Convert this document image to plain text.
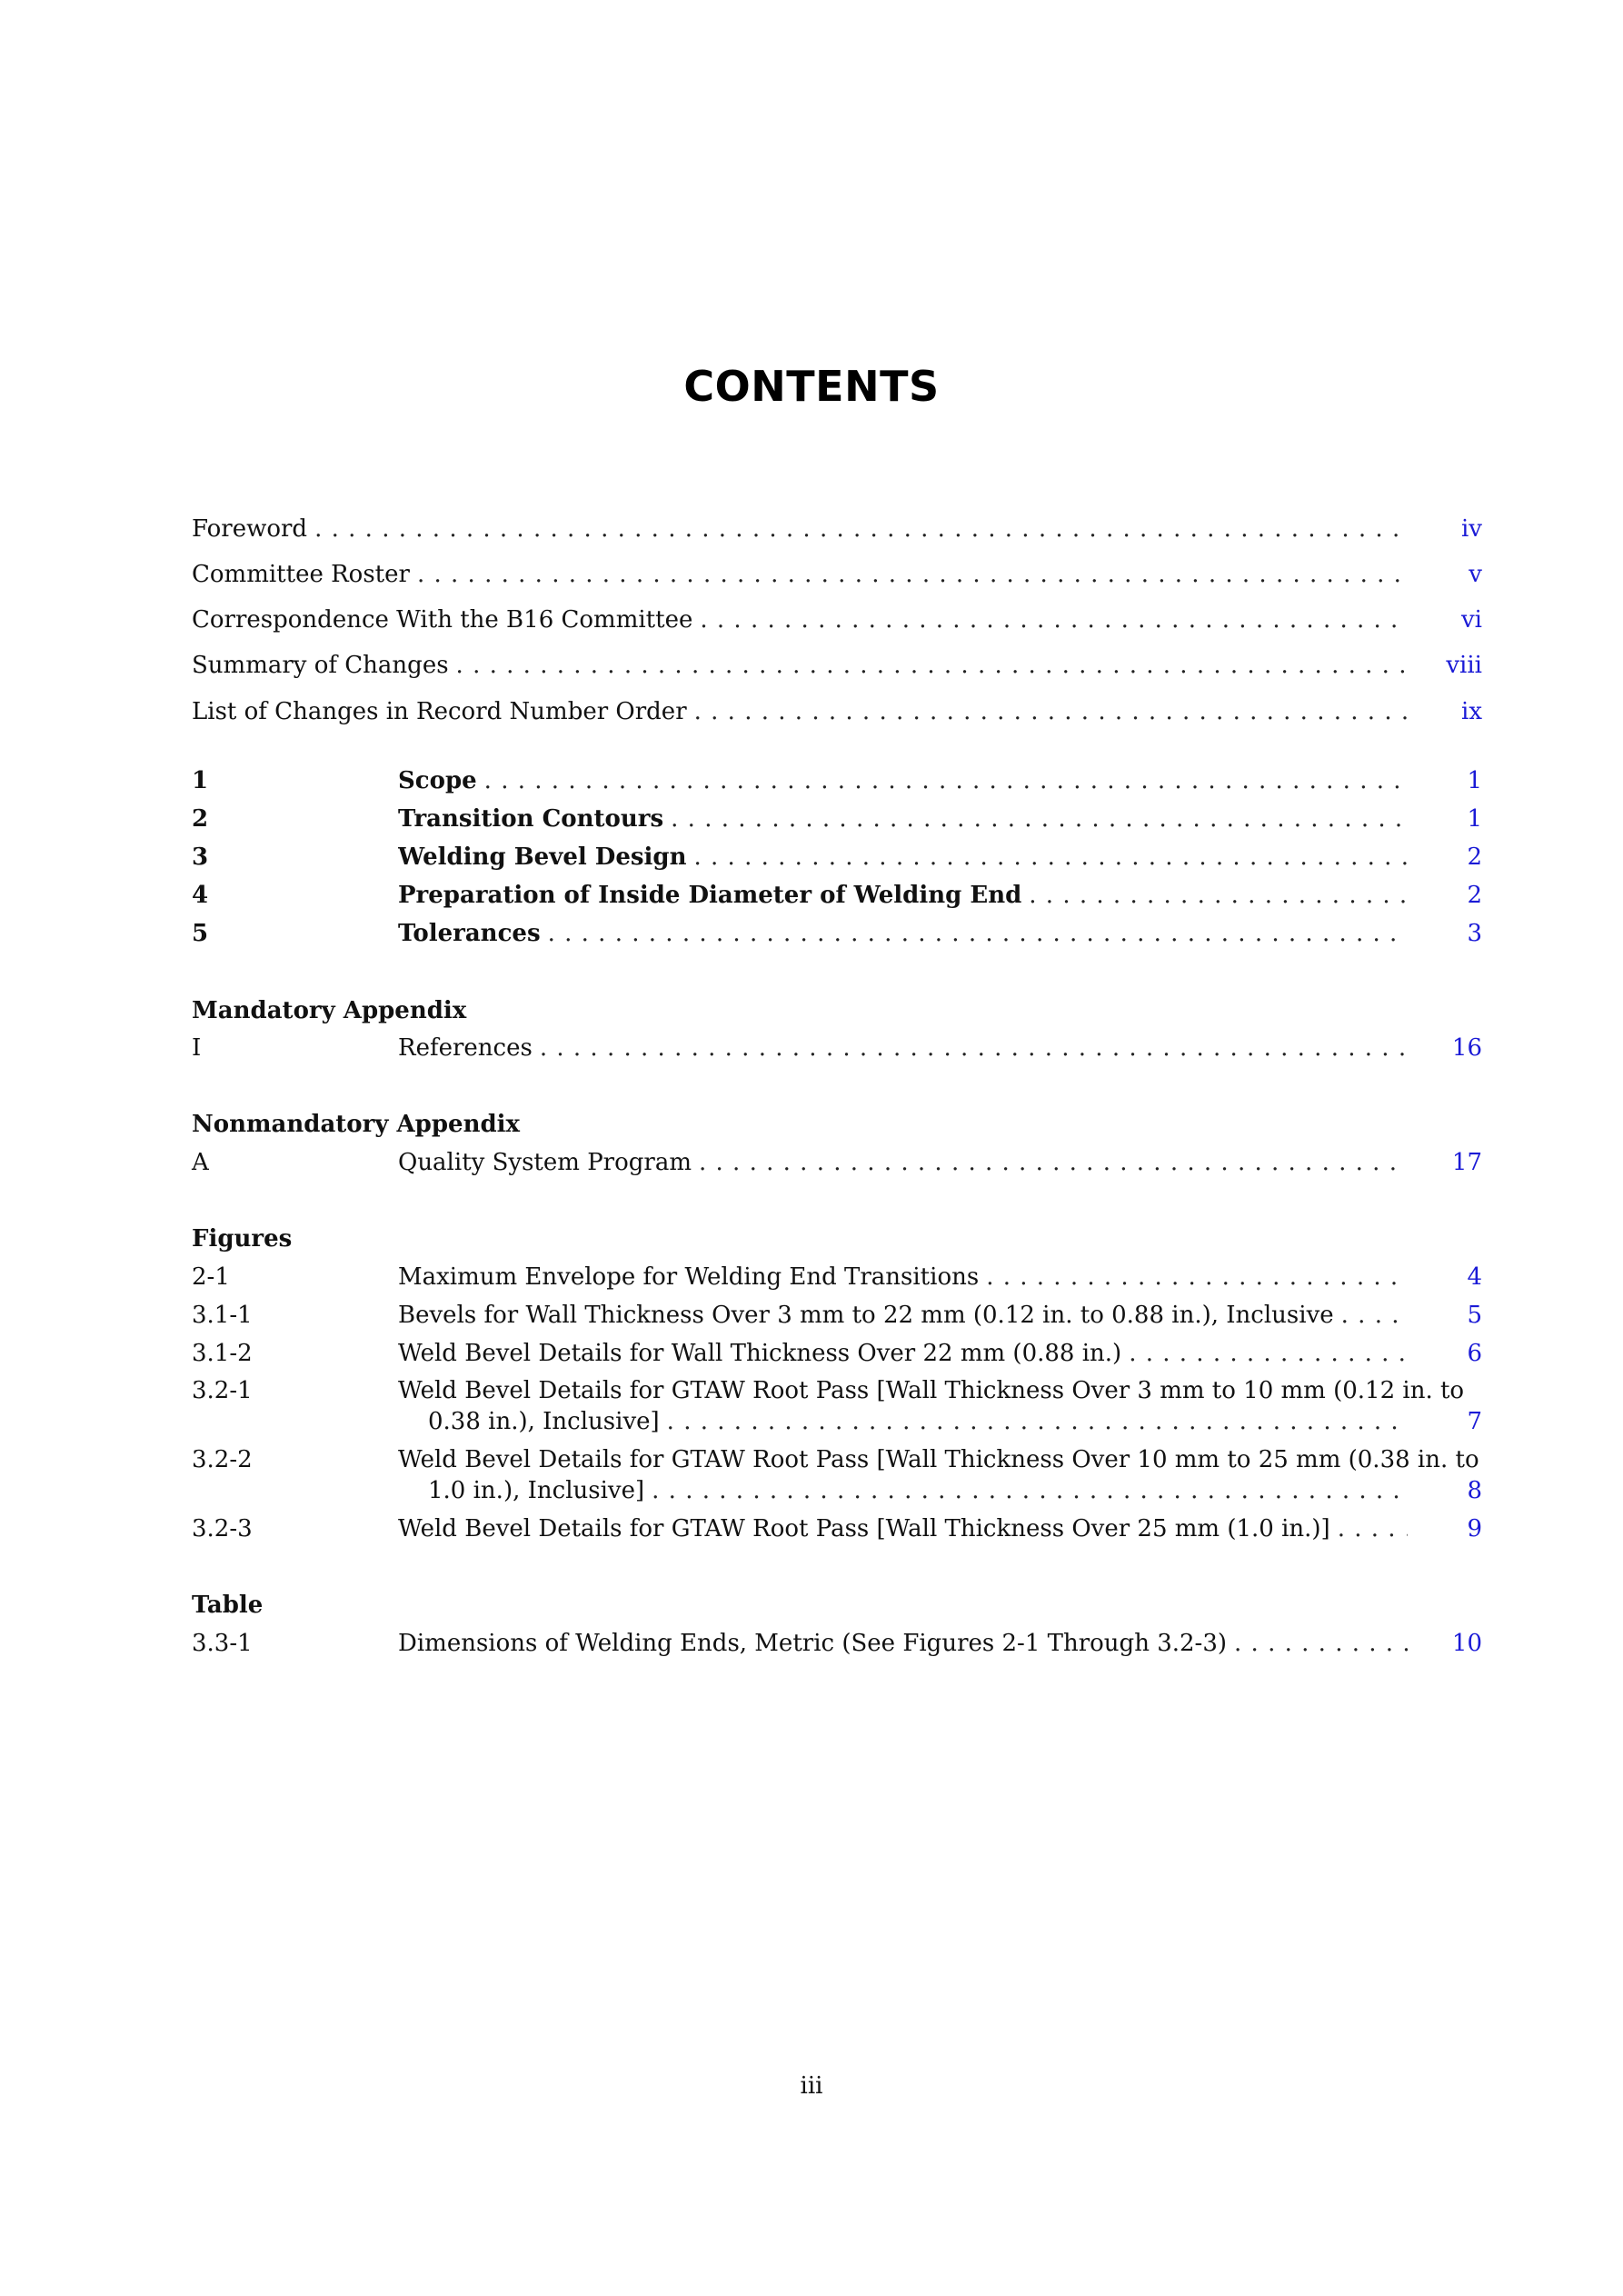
CONTENTS
Foreword . . .	iv
Committee Roster . . .	v
Correspondence With the B16 Committee . . .	vi
Summary of Changes . . .	viii
List of Changes in Record Number Order . . .	ix
1	Scope . . .	1
2	Transition Contours . . .	1
3	Welding Bevel Design . . .	2
4	Preparation of Inside Diameter of Welding End . . .	2
5	Tolerances . . .	3
Mandatory Appendix
I	References . . .	16
Nonmandatory Appendix
A	Quality System Program . . .	17
Figures
2-1	Maximum Envelope for Welding End Transitions . . .	4
3.1-1	Bevels for Wall Thickness Over 3 mm to 22 mm (0.12 in. to 0.88 in.), Inclusive . . .	5
3.1-2	Weld Bevel Details for Wall Thickness Over 22 mm (0.88 in.) . . .	6
3.2-1	Weld Bevel Details for GTAW Root Pass [Wall Thickness Over 3 mm to 10 mm (0.12 in. to
0.38 in.), Inclusive] . . .	7
3.2-2	Weld Bevel Details for GTAW Root Pass [Wall Thickness Over 10 mm to 25 mm (0.38 in. to
1.0 in.), Inclusive] . . .	8
3.2-3	Weld Bevel Details for GTAW Root Pass [Wall Thickness Over 25 mm (1.0 in.)] . . .	9
Table
3.3-1	Dimensions of Welding Ends, Metric (See Figures 2-1 Through 3.2-3) . . .	10
iii
